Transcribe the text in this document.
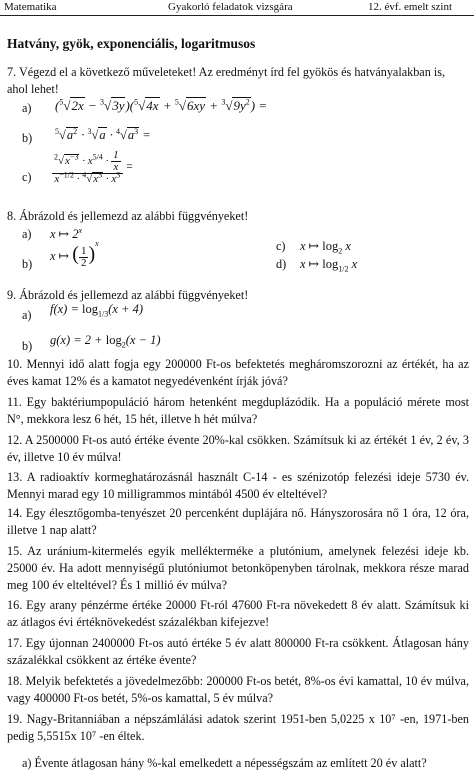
Matematika	Gyakorló feladatok vizsgára	12. évf. emelt szint
Hatvány, gyök, exponenciális, logaritmusos

7. Végezd el a következő műveleteket! Az eredményt írd fel gyökös és hatványalakban is, ahol lehet!

a) $(^5√2x - ^3√3y)(^5√4x + ^5√6xy + ^3√9y^2)$ =
b)	$^5√a^2 \cdot ^3√a \cdot ^4√a^3$ =
c)	$\frac{^2√x^{-3} \cdot x^{5/4} \cdot \frac{1}{x}}{x^{-1/2} \cdot ^4√x^3 \cdot x^3}$ =

8. Ábrázold és jellemezd az alábbi függvényeket!

a) x ↦ 2$^x$
b)
x ↦ ( $\frac{1}{2} )^x$	c) x ↦ $\log_2 x$
d) x ↦ $\log_{1/2} x$

9. Ábrázold és jellemezd az alábbi függvényeket!

a) $f(x) = \log_{1/3}(x + 4)$
b) $g(x) = 2 + \log_2(x - 1)$

10. Mennyi idő alatt fogja egy 200000 Ft-os befektetés megháromszorozni az értékét, ha az éves kamat 12% és a kamatot negyedévenként írják jóvá?

11. Egy baktériumpopuláció három hetenként megduplázódik. Ha a populáció mérete most N°, mekkora lesz 6 hét, 15 hét, illetve h hét múlva?

12. A 2500000 Ft-os autó értéke évente 20%-kal csökken. Számítsuk ki az értékét 1 év, 2 év, 3 év, illetve 10 év múlva!

13. A radioaktív kormeghatározásnál használt C-14 - es szénizotóp felezési ideje 5730 év. Mennyi marad egy 10 milligrammos mintából 4500 év elteltével?

14. Egy élesztőgomba-tenyészet 20 percenként duplájára nő. Hányszorosára nő 1 óra, 12 óra, illetve 1 nap alatt?

15. Az uránium-kitermelés egyik mellékterméke a plutónium, amelynek felezési ideje kb. 25000 év. Ha adott mennyiségű plutóniumot betonköpenyben tárolnak, mekkora része marad meg 100 év elteltével? És 1 millió év múlva?

16. Egy arany pénzérme értéke 20000 Ft-ról 47600 Ft-ra növekedett 8 év alatt. Számítsuk ki az átlagos évi értéknövekedést százalékban kifejezve!

17. Egy újonnan 2400000 Ft-os autó értéke 5 év alatt 800000 Ft-ra csökkent. Átlagosan hány százalékkal csökkent az értéke évente?

18. Melyik befektetés a jövedelmezőbb: 200000 Ft-os betét, 8%-os évi kamattal, 10 év múlva, vagy 400000 Ft-os betét, 5%-os kamattal, 5 év múlva?

19. Nagy-Britanniában a népszámlálási adatok szerint 1951-ben 5,0225 x 10⁷ -en, 1971-ben pedig 5,5515x 10⁷ -en éltek.

a) Évente átlagosan hány %-kal emelkedett a népességszám az említett 20 év alatt?
